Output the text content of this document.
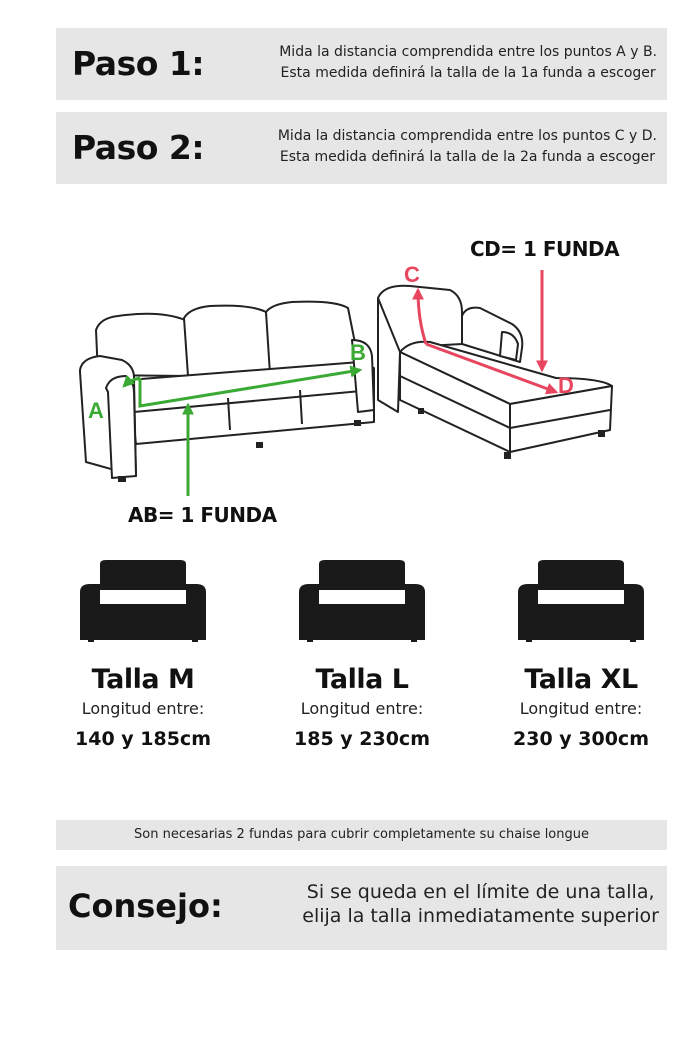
Paso 1:	Mida la distancia comprendida entre los puntos A y B.
Esta medida definirá la talla de la 1a funda a escoger
Paso 2:	Mida la distancia comprendida entre los puntos C y D.
Esta medida definirá la talla de la 2a funda a escoger
CD= 1 FUNDA
AB= 1 FUNDA
A
B
C
D
Talla M
Longitud entre:
140 y 185cm
Talla L
Longitud entre:
185 y 230cm
Talla XL
Longitud entre:
230 y 300cm
Son necesarias 2 fundas para cubrir completamente su chaise longue
Consejo:	Si se queda en el límite de una talla,
elija la talla inmediatamente superior
